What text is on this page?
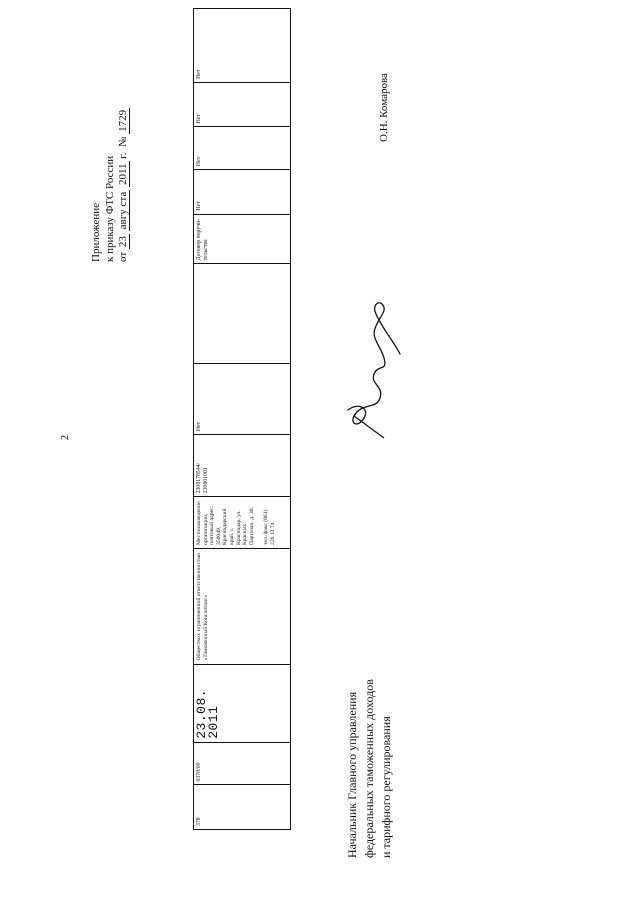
2
Приложение к приказу ФТС России от 23 авгу ста 2011 г.  № 1729
378
0378/00
23.08.
2011
Общество с ограниченной ответственностью «Таможенный Консалтинг»
Местонахождение организации, почтовый адрес: 350049, Краснодарский край, г. Краснодар, ул. Красных Партизан, д. 30;	тел./факс (861) 226 13 74
2308178544/ 230801001
Нет
Договор поручи- тельства
Нет
Нет
Нет
Нет
Начальник Главного управления федеральных таможенных доходов и тарифного регулирования
О.Н. Комарова
